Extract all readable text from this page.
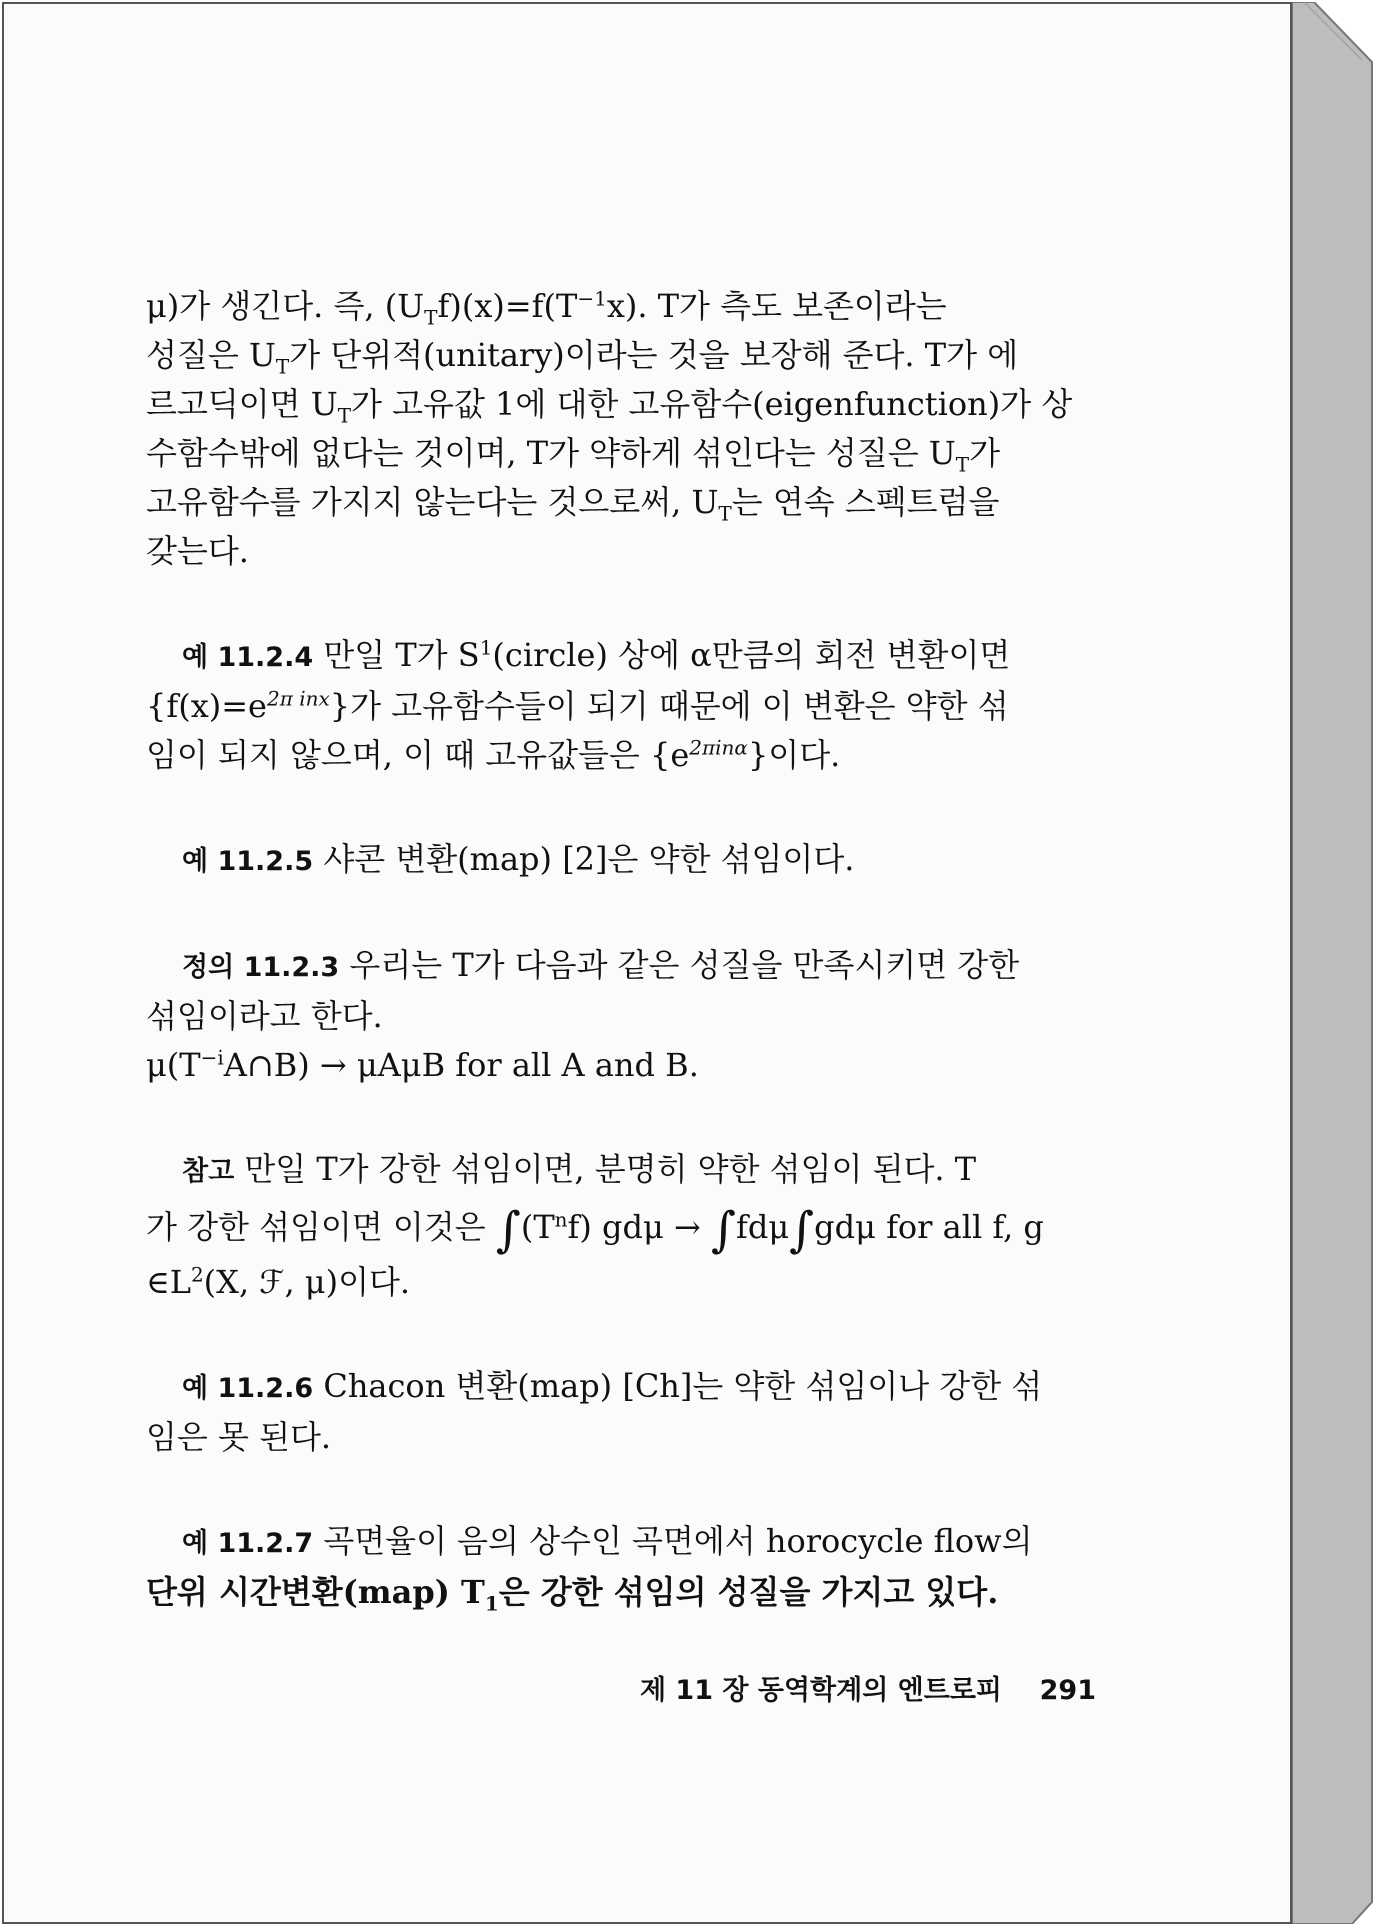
μ)가 생긴다. 즉, $(U_Tf)(x)=f(T^{-1}x)$. T가 측도 보존이라는
성질은 $U_T$가 단위적(unitary)이라는 것을 보장해 준다. T가 에
르고딕이면 $U_T$가 고유값 1에 대한 고유함수(eigenfunction)가 상
수함수밖에 없다는 것이며, T가 약하게 섞인다는 성질은 $U_T$가
고유함수를 가지지 않는다는 것으로써, $U_T$는 연속 스펙트럼을
갖는다.

예 11.2.4 만일 T가 $S^1(circle)$ 상에 α만큼의 회전 변환이면

$\{f(x)=e^{2\pi inx}\}$가 고유함수들이 되기 때문에 이 변환은 약한 섞
임이 되지 않으며, 이 때 고유값들은 $\{e^{2\pi in\alpha}\}$이다.

예 11.2.5 샤콘 변환(map) [2]은 약한 섞임이다.

정의 11.2.3 우리는 T가 다음과 같은 성질을 만족시키면 강한

섞임이라고 한다.

$\mu(T^{-i}A\cap B) \to \mu A\mu B$ for all A and B.

참고 만일 T가 강한 섞임이면, 분명히 약한 섞임이 된다. T

가 강한 섞임이면 이것은 $\int(T^nf) gd\mu \to \int fd\mu\int gd\mu$ for all f, g

$\in L^2(X$, ℱ, μ)이다.

예 11.2.6 Chacon 변환(map) [Ch]는 약한 섞임이나 강한 섞

임은 못 된다.

예 11.2.7 곡면율이 음의 상수인 곡면에서 horocycle flow의

단위 시간변환(map) $T_1$은 강한 섞임의 성질을 가지고 있다.

제 11 장 동역학계의 엔트로피 291
